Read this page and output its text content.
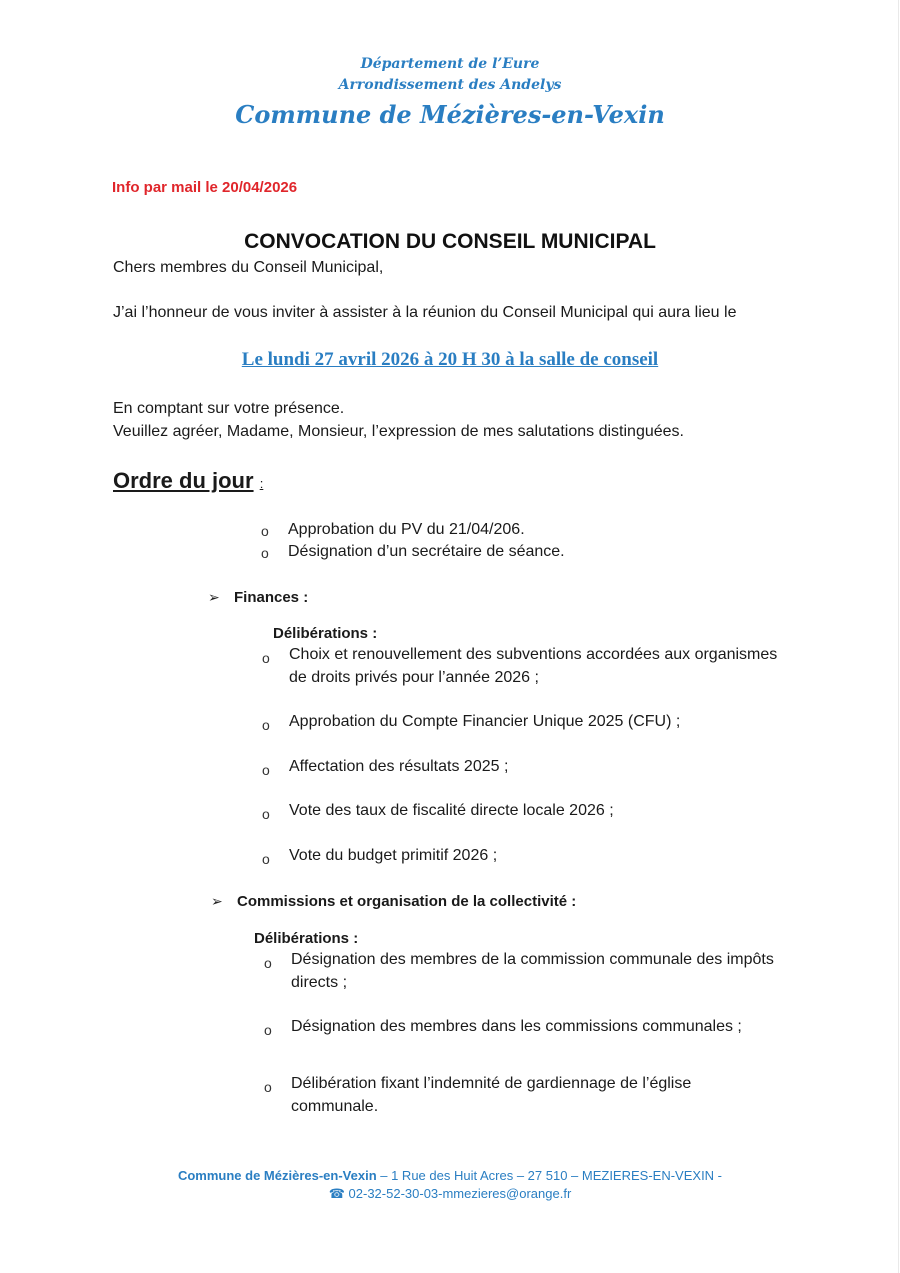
Département de l’Eure
Arrondissement des Andelys
Commune de Mézières-en-Vexin
Info par mail le 20/04/2026
CONVOCATION DU CONSEIL MUNICIPAL
Chers membres du Conseil Municipal,
J’ai l’honneur de vous inviter à assister à la réunion du Conseil Municipal qui aura lieu le
Le lundi 27 avril 2026 à 20 H 30 à la salle de conseil
En comptant sur votre présence.
Veuillez agréer, Madame, Monsieur, l’expression de mes salutations distinguées.
Ordre du jour :
o Approbation du PV du 21/04/206.
o Désignation d’un secrétaire de séance.
➢ Finances :
Délibérations :
o Choix et renouvellement des subventions accordées aux organismes
de droits privés pour l’année 2026 ;
o Approbation du Compte Financier Unique 2025 (CFU) ;
o Affectation des résultats 2025 ;
o Vote des taux de fiscalité directe locale 2026 ;
o Vote du budget primitif 2026 ;
➢ Commissions et organisation de la collectivité :
Délibérations :
o Désignation des membres de la commission communale des impôts
directs ;
o Désignation des membres dans les commissions communales ;
o Délibération fixant l’indemnité de gardiennage de l’église
communale.
Commune de Mézières-en-Vexin – 1 Rue des Huit Acres – 27 510 – MEZIERES-EN-VEXIN -
☎ 02-32-52-30-03-mmezieres@orange.fr
